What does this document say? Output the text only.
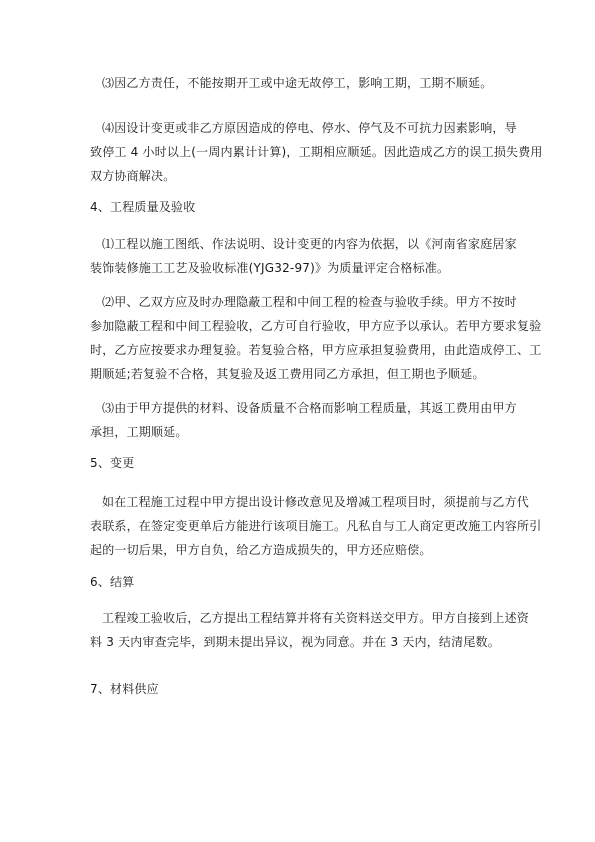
⑶因乙方责任，不能按期开工或中途无故停工，影响工期，工期不顺延。
⑷因设计变更或非乙方原因造成的停电、停水、停气及不可抗力因素影响，导
致停工 4 小时以上(一周内累计计算)，工期相应顺延。因此造成乙方的误工损失费用
双方协商解决。
4、工程质量及验收
⑴工程以施工图纸、作法说明、设计变更的内容为依据，以《河南省家庭居家
装饰装修施工工艺及验收标准(YJG32-97)》为质量评定合格标准。
⑵甲、乙双方应及时办理隐蔽工程和中间工程的检查与验收手续。甲方不按时
参加隐蔽工程和中间工程验收，乙方可自行验收，甲方应予以承认。若甲方要求复验
时，乙方应按要求办理复验。若复验合格，甲方应承担复验费用，由此造成停工、工
期顺延;若复验不合格，其复验及返工费用同乙方承担，但工期也予顺延。
⑶由于甲方提供的材料、设备质量不合格而影响工程质量，其返工费用由甲方
承担，工期顺延。
5、变更
如在工程施工过程中甲方提出设计修改意见及增减工程项目时，须提前与乙方代
表联系，在签定变更单后方能进行该项目施工。凡私自与工人商定更改施工内容所引
起的一切后果，甲方自负，给乙方造成损失的，甲方还应赔偿。
6、结算
工程竣工验收后，乙方提出工程结算并将有关资料送交甲方。甲方自接到上述资
料 3 天内审查完毕，到期未提出异议，视为同意。并在 3 天内，结清尾数。
7、材料供应
